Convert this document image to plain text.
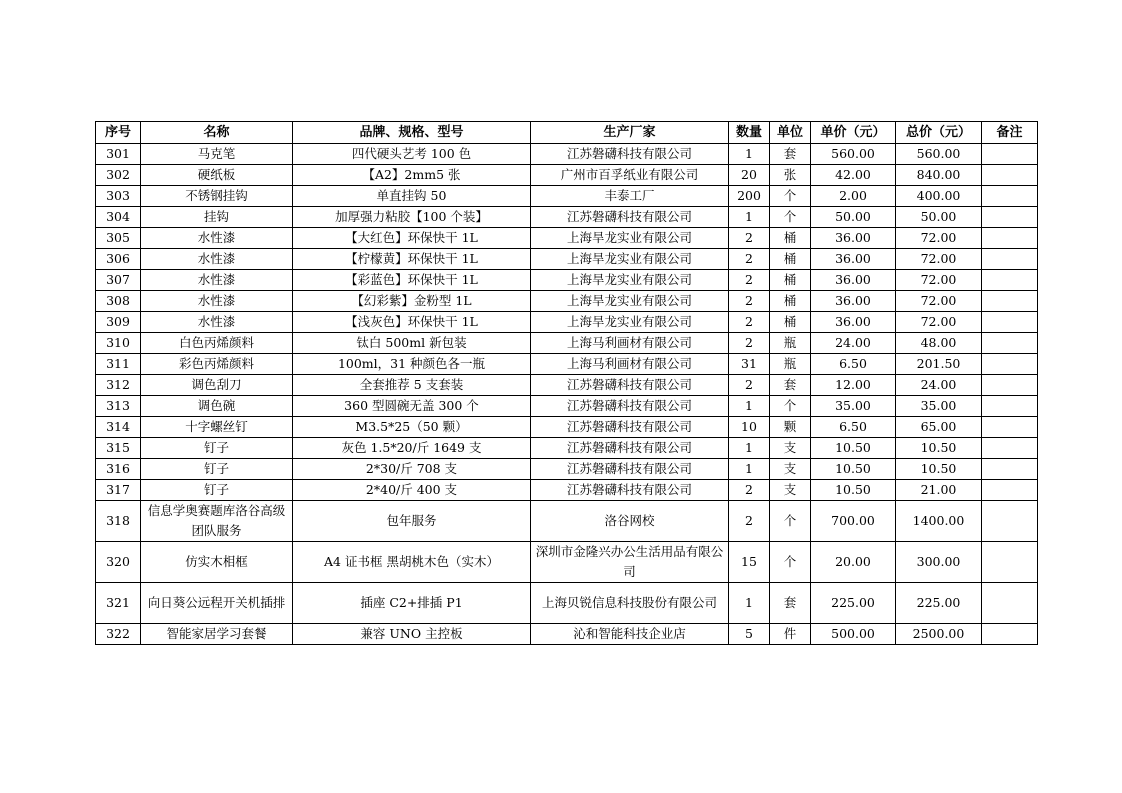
序号	名称	品牌、规格、型号	生产厂家	数量	单位	单价（元）	总价（元）	备注
301	马克笔	四代硬头艺考 100 色	江苏磐礴科技有限公司	1	套	560.00	560.00	
302	硬纸板	【A2】2mm5 张	广州市百孚纸业有限公司	20	张	42.00	840.00	
303	不锈钢挂钩	单直挂钩 50	丰泰工厂	200	个	2.00	400.00	
304	挂钩	加厚强力粘胶【100 个装】	江苏磐礴科技有限公司	1	个	50.00	50.00	
305	水性漆	【大红色】环保快干 1L	上海旱龙实业有限公司	2	桶	36.00	72.00	
306	水性漆	【柠檬黄】环保快干 1L	上海旱龙实业有限公司	2	桶	36.00	72.00	
307	水性漆	【彩蓝色】环保快干 1L	上海旱龙实业有限公司	2	桶	36.00	72.00	
308	水性漆	【幻彩紫】金粉型 1L	上海旱龙实业有限公司	2	桶	36.00	72.00	
309	水性漆	【浅灰色】环保快干 1L	上海旱龙实业有限公司	2	桶	36.00	72.00	
310	白色丙烯颜料	钛白 500ml 新包装	上海马利画材有限公司	2	瓶	24.00	48.00	
311	彩色丙烯颜料	100ml，31 种颜色各一瓶	上海马利画材有限公司	31	瓶	6.50	201.50	
312	调色刮刀	全套推荐 5 支套装	江苏磐礴科技有限公司	2	套	12.00	24.00	
313	调色碗	360 型圆碗无盖 300 个	江苏磐礴科技有限公司	1	个	35.00	35.00	
314	十字螺丝钉	M3.5*25（50 颗）	江苏磐礴科技有限公司	10	颗	6.50	65.00	
315	钉子	灰色 1.5*20/斤 1649 支	江苏磐礴科技有限公司	1	支	10.50	10.50	
316	钉子	2*30/斤 708 支	江苏磐礴科技有限公司	1	支	10.50	10.50	
317	钉子	2*40/斤 400 支	江苏磐礴科技有限公司	2	支	10.50	21.00	
318	信息学奥赛题库洛谷高级团队服务	包年服务	洛谷网校	2	个	700.00	1400.00	
320	仿实木相框	A4 证书框 黑胡桃木色（实木）	深圳市金隆兴办公生活用品有限公司	15	个	20.00	300.00	
321	向日葵公远程开关机插排	插座 C2+排插 P1	上海贝锐信息科技股份有限公司	1	套	225.00	225.00	
322	智能家居学习套餐	兼容 UNO 主控板	沁和智能科技企业店	5	件	500.00	2500.00	
